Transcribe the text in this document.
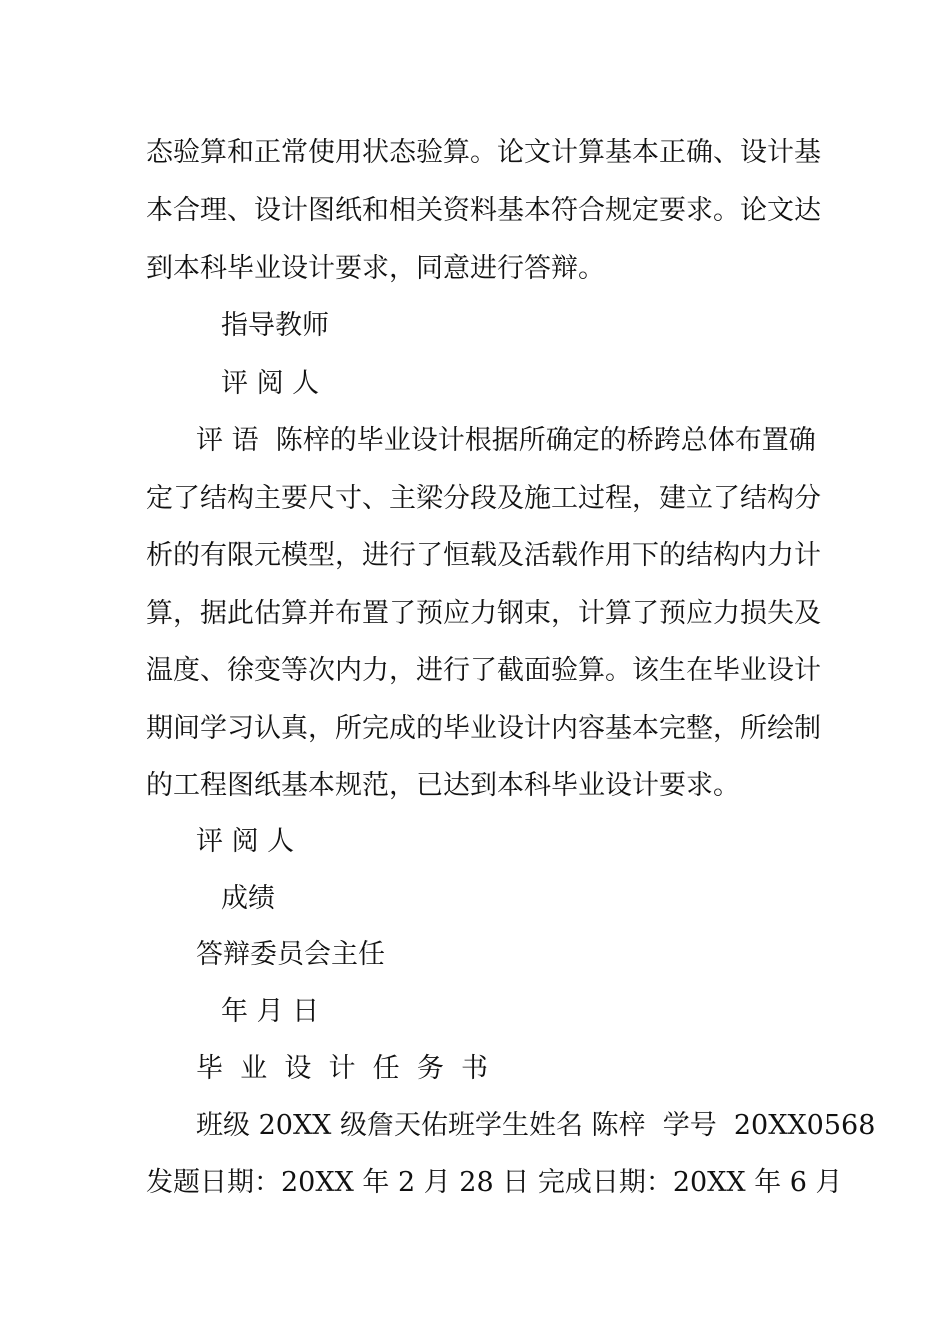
态验算和正常使用状态验算。论文计算基本正确、设计基
本合理、设计图纸和相关资料基本符合规定要求。论文达
到本科毕业设计要求，同意进行答辩。
指导教师
评 阅 人
评 语  陈梓的毕业设计根据所确定的桥跨总体布置确
定了结构主要尺寸、主梁分段及施工过程，建立了结构分
析的有限元模型，进行了恒载及活载作用下的结构内力计
算，据此估算并布置了预应力钢束，计算了预应力损失及
温度、徐变等次内力，进行了截面验算。该生在毕业设计
期间学习认真，所完成的毕业设计内容基本完整，所绘制
的工程图纸基本规范，已达到本科毕业设计要求。
评 阅 人
成绩
答辩委员会主任
年 月 日
毕  业  设  计  任  务  书
班级 20XX 级詹天佑班学生姓名 陈梓  学号  20XX0568
发题日期：20XX 年 2 月 28 日 完成日期：20XX 年 6 月
